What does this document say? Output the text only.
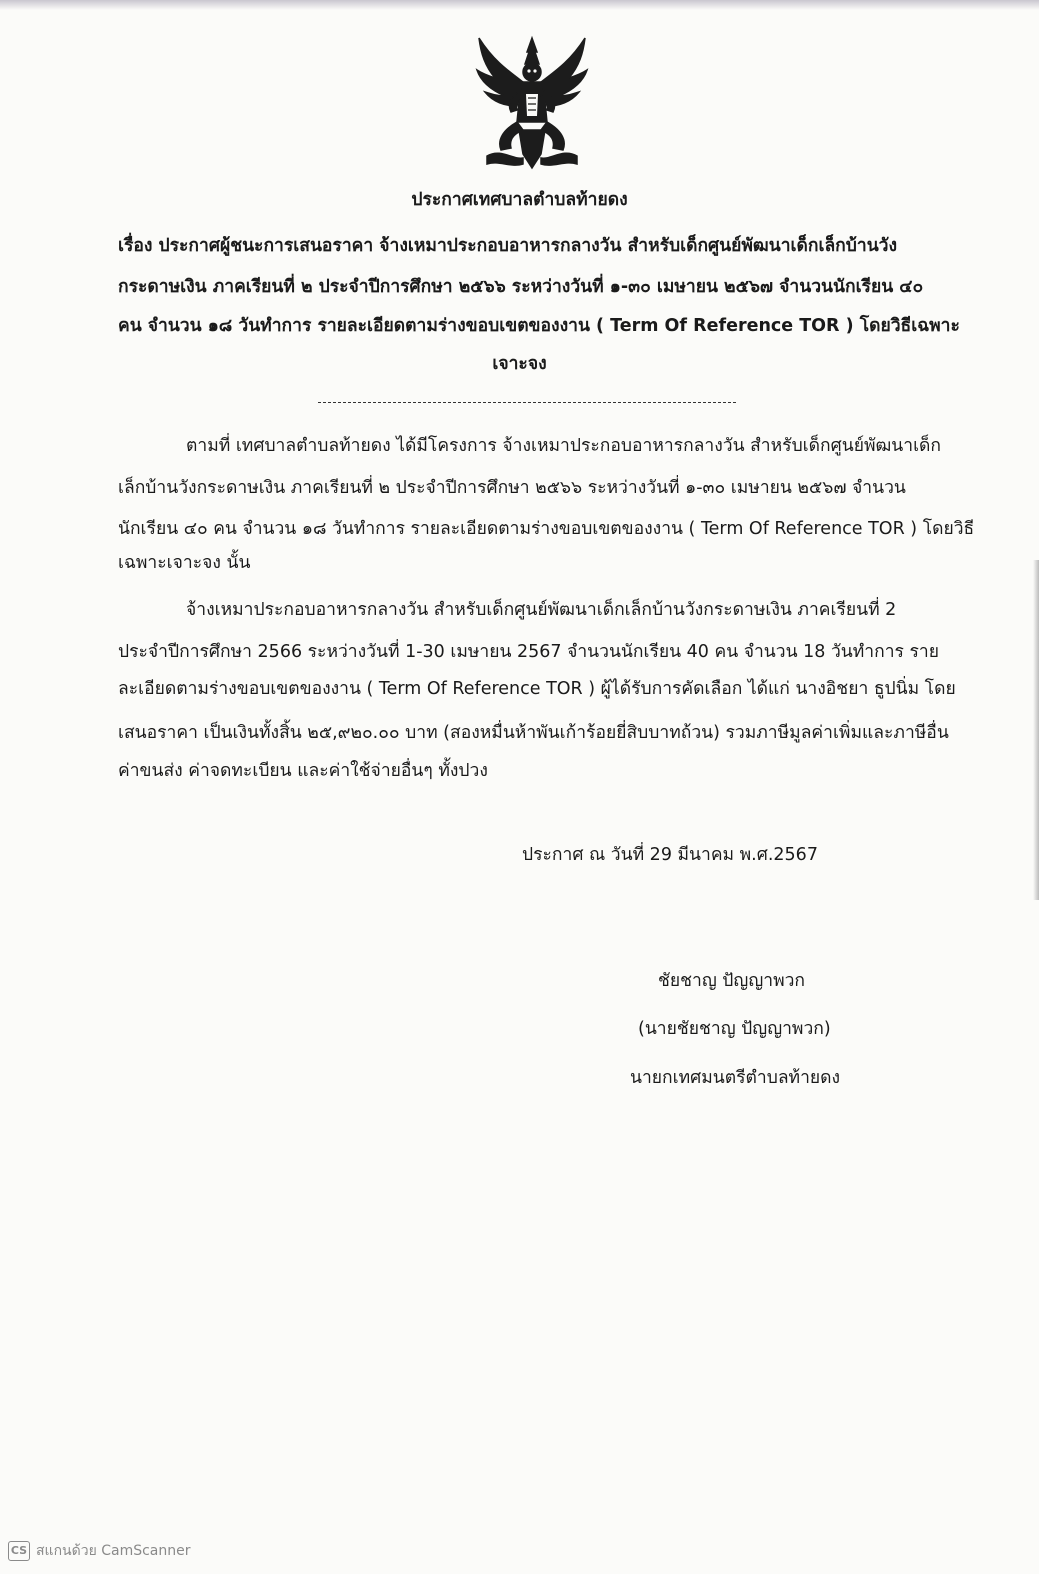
ประกาศเทศบาลตำบลท้ายดง
เรื่อง ประกาศผู้ชนะการเสนอราคา จ้างเหมาประกอบอาหารกลางวัน สำหรับเด็กศูนย์พัฒนาเด็กเล็กบ้านวัง
กระดาษเงิน ภาคเรียนที่ ๒ ประจำปีการศึกษา ๒๕๖๖ ระหว่างวันที่ ๑-๓๐ เมษายน ๒๕๖๗ จำนวนนักเรียน ๔๐
คน จำนวน ๑๘ วันทำการ รายละเอียดตามร่างขอบเขตของงาน ( Term Of Reference TOR ) โดยวิธีเฉพาะ
เจาะจง
ตามที่ เทศบาลตำบลท้ายดง ได้มีโครงการ จ้างเหมาประกอบอาหารกลางวัน สำหรับเด็กศูนย์พัฒนาเด็ก
เล็กบ้านวังกระดาษเงิน ภาคเรียนที่ ๒ ประจำปีการศึกษา ๒๕๖๖ ระหว่างวันที่ ๑-๓๐ เมษายน ๒๕๖๗ จำนวน
นักเรียน ๔๐ คน จำนวน ๑๘ วันทำการ รายละเอียดตามร่างขอบเขตของงาน ( Term Of Reference TOR ) โดยวิธี
เฉพาะเจาะจง นั้น
จ้างเหมาประกอบอาหารกลางวัน สำหรับเด็กศูนย์พัฒนาเด็กเล็กบ้านวังกระดาษเงิน ภาคเรียนที่ 2
ประจำปีการศึกษา 2566 ระหว่างวันที่ 1-30 เมษายน 2567 จำนวนนักเรียน 40 คน จำนวน 18 วันทำการ ราย
ละเอียดตามร่างขอบเขตของงาน ( Term Of Reference TOR ) ผู้ได้รับการคัดเลือก ได้แก่ นางอิชยา ธูปนิ่ม โดย
เสนอราคา เป็นเงินทั้งสิ้น ๒๕,๙๒๐.๐๐ บาท (สองหมื่นห้าพันเก้าร้อยยี่สิบบาทถ้วน) รวมภาษีมูลค่าเพิ่มและภาษีอื่น
ค่าขนส่ง ค่าจดทะเบียน และค่าใช้จ่ายอื่นๆ ทั้งปวง
ประกาศ ณ วันที่ 29 มีนาคม พ.ศ.2567
ชัยชาญ ปัญญาพวก
(นายชัยชาญ ปัญญาพวก)
นายกเทศมนตรีตำบลท้ายดง
CS สแกนด้วย CamScanner
